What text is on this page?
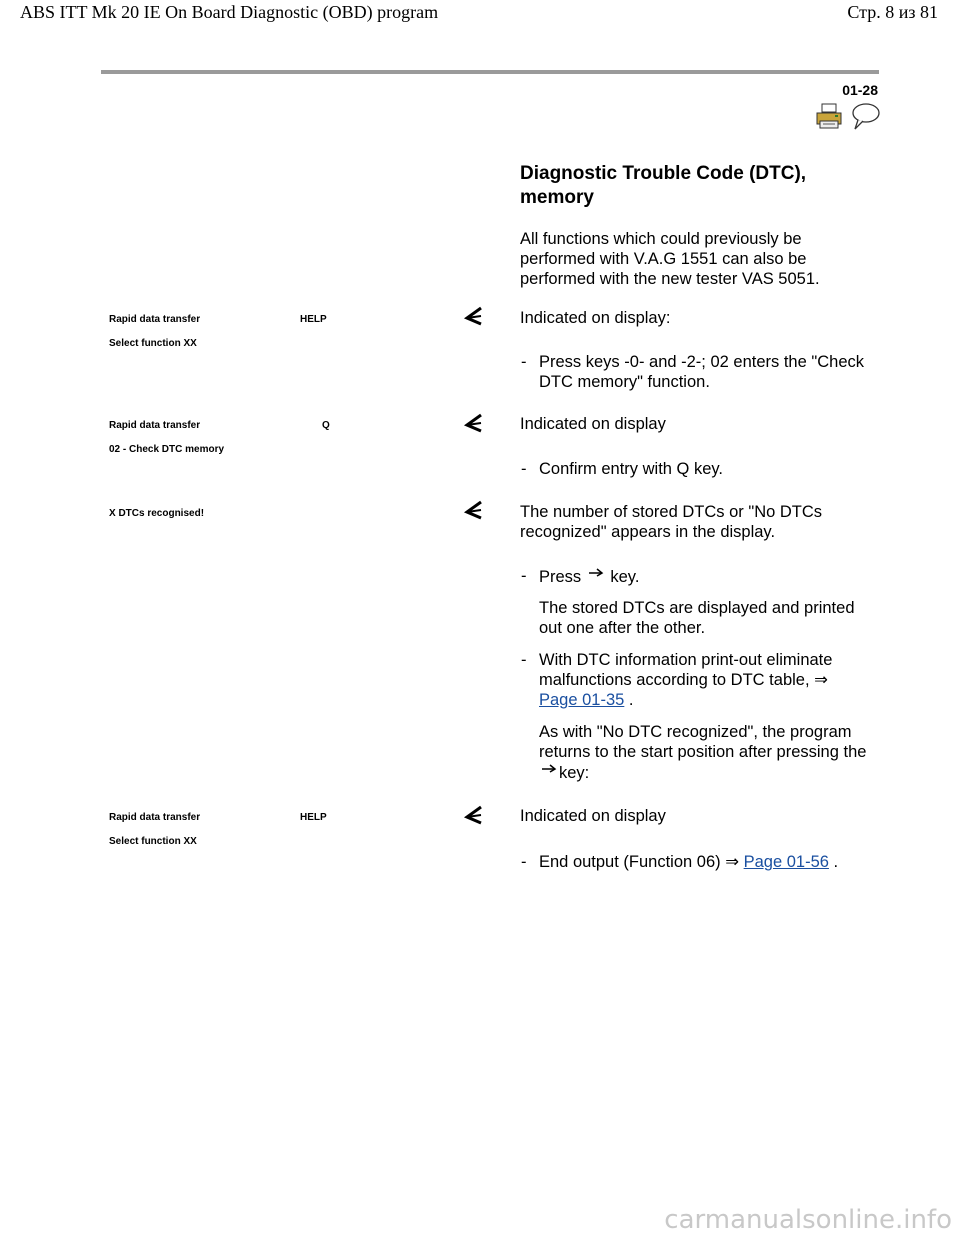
ABS ITT Mk 20 IE On Board Diagnostic (OBD) program	Стр. 8 из 81
01-28
Diagnostic Trouble Code (DTC), memory
All functions which could previously be performed with V.A.G 1551 can also be performed with the new tester VAS 5051.
Rapid data transfer	HELP
Select function XX
Indicated on display:
- Press keys -0- and -2-; 02 enters the "Check DTC memory" function.
Rapid data transfer	Q
02 - Check DTC memory
Indicated on display
- Confirm entry with Q key.
X DTCs recognised!	The number of stored DTCs or "No DTCs recognized" appears in the display.
- Press key.
The stored DTCs are displayed and printed out one after the other.
- With DTC information print-out eliminate malfunctions according to DTC table, ⇒ Page 01-35 .
As with "No DTC recognized", the program returns to the start position after pressing the key:
Rapid data transfer	HELP
Select function XX
Indicated on display
- End output (Function 06) ⇒ Page 01-56 .
carmanualsonline.info
